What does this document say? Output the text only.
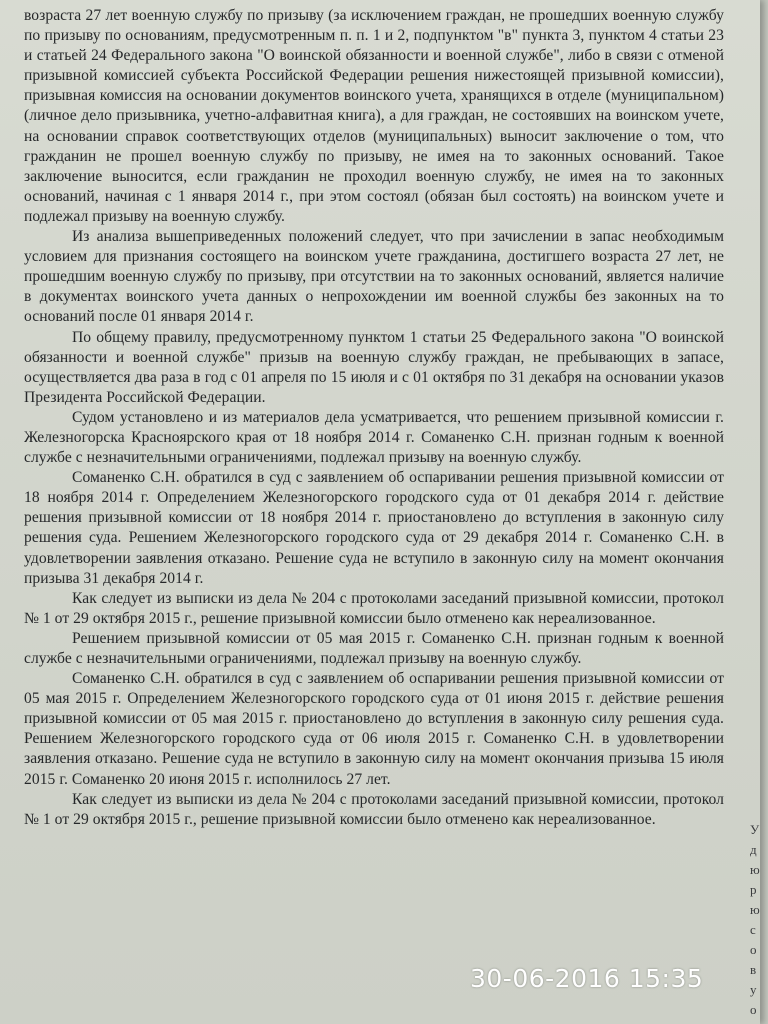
возраста 27 лет военную службу по призыву (за исключением граждан, не прошедших военную службу по призыву по основаниям, предусмотренным п. п. 1 и 2, подпунктом "в" пункта 3, пунктом 4 статьи 23 и статьей 24 Федерального закона "О воинской обязанности и военной службе", либо в связи с отменой призывной комиссией субъекта Российской Федерации решения нижестоящей призывной комиссии), призывная комиссия на основании документов воинского учета, хранящихся в отделе (муниципальном) (личное дело призывника, учетно-алфавитная книга), а для граждан, не состоявших на воинском учете, на основании справок соответствующих отделов (муниципальных) выносит заключение о том, что гражданин не прошел военную службу по призыву, не имея на то законных оснований. Такое заключение выносится, если гражданин не проходил военную службу, не имея на то законных оснований, начиная с 1 января 2014 г., при этом состоял (обязан был состоять) на воинском учете и подлежал призыву на военную службу.

Из анализа вышеприведенных положений следует, что при зачислении в запас необходимым условием для признания состоящего на воинском учете гражданина, достигшего возраста 27 лет, не прошедшим военную службу по призыву, при отсутствии на то законных оснований, является наличие в документах воинского учета данных о непрохождении им военной службы без законных на то оснований после 01 января 2014 г.

По общему правилу, предусмотренному пунктом 1 статьи 25 Федерального закона "О воинской обязанности и военной службе" призыв на военную службу граждан, не пребывающих в запасе, осуществляется два раза в год с 01 апреля по 15 июля и с 01 октября по 31 декабря на основании указов Президента Российской Федерации.

Судом установлено и из материалов дела усматривается, что решением призывной комиссии г. Железногорска Красноярского края от 18 ноября 2014 г. Соманенко С.Н. признан годным к военной службе с незначительными ограничениями, подлежал призыву на военную службу.

Соманенко С.Н. обратился в суд с заявлением об оспаривании решения призывной комиссии от 18 ноября 2014 г. Определением Железногорского городского суда от 01 декабря 2014 г. действие решения призывной комиссии от 18 ноября 2014 г. приостановлено до вступления в законную силу решения суда. Решением Железногорского городского суда от 29 декабря 2014 г. Соманенко С.Н. в удовлетворении заявления отказано. Решение суда не вступило в законную силу на момент окончания призыва 31 декабря 2014 г.

Как следует из выписки из дела № 204 с протоколами заседаний призывной комиссии, протокол № 1 от 29 октября 2015 г., решение призывной комиссии было отменено как нереализованное.

Решением призывной комиссии от 05 мая 2015 г. Соманенко С.Н. признан годным к военной службе с незначительными ограничениями, подлежал призыву на военную службу.

Соманенко С.Н. обратился в суд с заявлением об оспаривании решения призывной комиссии от 05 мая 2015 г. Определением Железногорского городского суда от 01 июня 2015 г. действие решения призывной комиссии от 05 мая 2015 г. приостановлено до вступления в законную силу решения суда. Решением Железногорского городского суда от 06 июля 2015 г. Соманенко С.Н. в удовлетворении заявления отказано. Решение суда не вступило в законную силу на момент окончания призыва 15 июля 2015 г. Соманенко 20 июня 2015 г. исполнилось 27 лет.

Как следует из выписки из дела № 204 с протоколами заседаний призывной комиссии, протокол № 1 от 29 октября 2015 г., решение призывной комиссии было отменено как нереализованное.

У
д
ю
р
ю
с
о
в
у
о
30-06-2016 15:35
